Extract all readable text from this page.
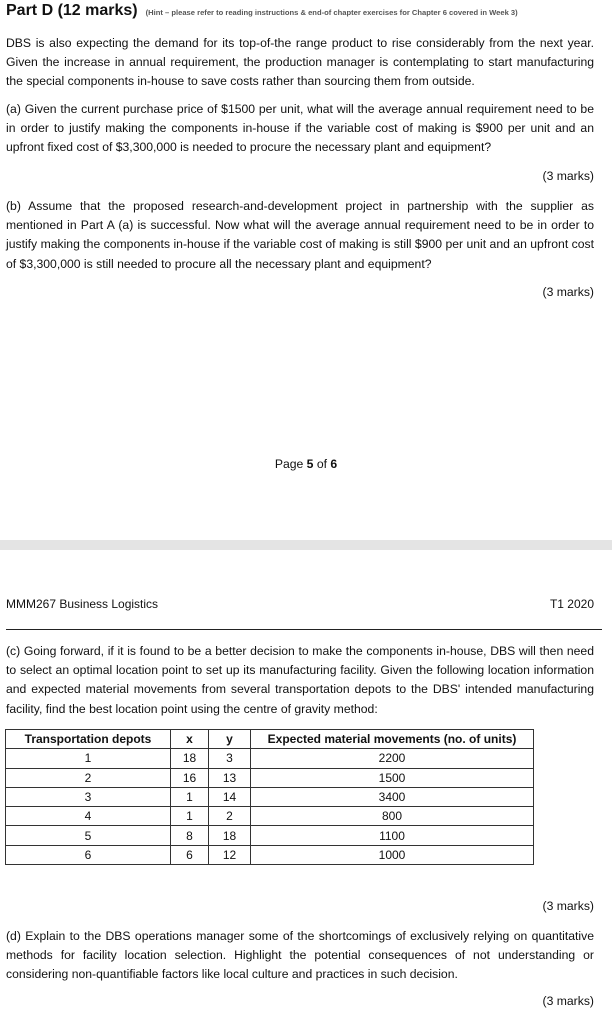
Part D (12 marks) (Hint – please refer to reading instructions & end-of chapter exercises for Chapter 6 covered in Week 3)

DBS is also expecting the demand for its top-of-the range product to rise considerably from the next year. Given the increase in annual requirement, the production manager is contemplating to start manufacturing the special components in-house to save costs rather than sourcing them from outside.

(a) Given the current purchase price of $1500 per unit, what will the average annual requirement need to be in order to justify making the components in-house if the variable cost of making is $900 per unit and an upfront fixed cost of $3,300,000 is needed to procure the necessary plant and equipment?

(3 marks)

(b) Assume that the proposed research-and-development project in partnership with the supplier as mentioned in Part A (a) is successful. Now what will the average annual requirement need to be in order to justify making the components in-house if the variable cost of making is still $900 per unit and an upfront cost of $3,300,000 is still needed to procure all the necessary plant and equipment?

(3 marks)

Page 5 of 6
MMM267 Business Logistics	T1 2020

(c) Going forward, if it is found to be a better decision to make the components in-house, DBS will then need to select an optimal location point to set up its manufacturing facility. Given the following location information and expected material movements from several transportation depots to the DBS' intended manufacturing facility, find the best location point using the centre of gravity method:

Transportation depots	x	y	Expected material movements (no. of units)
1	18	3	2200
2	16	13	1500
3	1	14	3400
4	1	2	800
5	8	18	1100
6	6	12	1000

(3 marks)

(d) Explain to the DBS operations manager some of the shortcomings of exclusively relying on quantitative methods for facility location selection. Highlight the potential consequences of not understanding or considering non-quantifiable factors like local culture and practices in such decision.

(3 marks)
